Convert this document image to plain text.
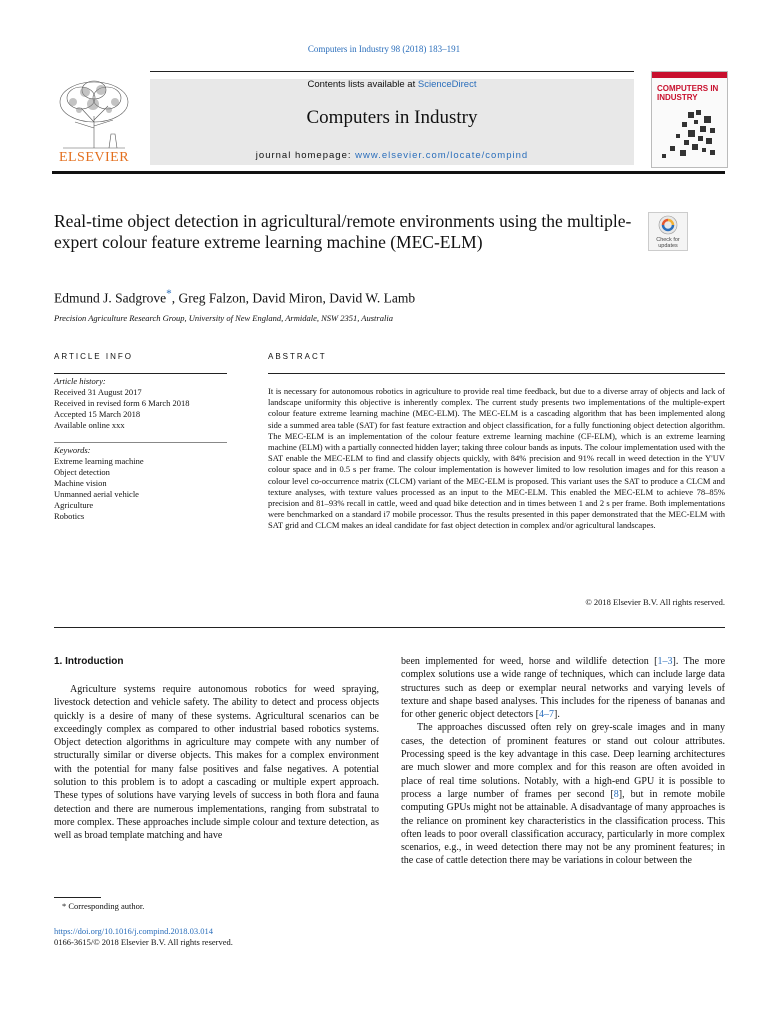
Computers in Industry 98 (2018) 183–191
ELSEVIER
Contents lists available at ScienceDirect
Computers in Industry
journal homepage: www.elsevier.com/locate/compind
COMPUTERS IN
INDUSTRY
Real-time object detection in agricultural/remote environments using the multiple-expert colour feature extreme learning machine (MEC-ELM)	Check for
updates
Edmund J. Sadgrove*, Greg Falzon, David Miron, David W. Lamb
Precision Agriculture Research Group, University of New England, Armidale, NSW 2351, Australia
ARTICLE INFO
Article history:
Received 31 August 2017
Received in revised form 6 March 2018
Accepted 15 March 2018
Available online xxx
Keywords:
Extreme learning machine
Object detection
Machine vision
Unmanned aerial vehicle
Agriculture
Robotics
ABSTRACT
It is necessary for autonomous robotics in agriculture to provide real time feedback, but due to a diverse array of objects and lack of landscape uniformity this objective is inherently complex. The current study presents two implementations of the multiple-expert colour feature extreme learning machine (MEC-ELM). The MEC-ELM is a cascading algorithm that has been implemented along side a summed area table (SAT) for fast feature extraction and object classification, for a fully functioning object detection algorithm. The MEC-ELM is an implementation of the colour feature extreme learning machine (CF-ELM), which is an extreme learning machine (ELM) with a partially connected hidden layer; taking three colour bands as inputs. The colour implementation used with the SAT enable the MEC-ELM to find and classify objects quickly, with 84% precision and 91% recall in weed detection in the Y'UV colour space and in 0.5 s per frame. The colour implementation is however limited to low resolution images and for this reason a colour level co-occurrence matrix (CLCM) variant of the MEC-ELM is proposed. This variant uses the SAT to produce a CLCM and texture analyses, with texture values processed as an input to the MEC-ELM. This enabled the MEC-ELM to achieve 78–85% precision and 81–93% recall in cattle, weed and quad bike detection and in times between 1 and 2 s per frame. Both implementations were benchmarked on a standard i7 mobile processor. Thus the results presented in this paper demonstrated that the MEC-ELM with SAT grid and CLCM makes an ideal candidate for fast object detection in complex and/or agricultural landscapes.
© 2018 Elsevier B.V. All rights reserved.
1. Introduction

Agriculture systems require autonomous robotics for weed spraying, livestock detection and vehicle safety. The ability to detect and process objects quickly is a desire of many of these systems. Agricultural scenarios can be exceedingly complex as compared to other industrial based robotics systems. Object detection algorithms in agriculture may compete with any number of structurally similar or diverse objects. This makes for a complex environment with the potential for many false positives and false negatives. A potential solution to this problem is to adopt a cascading or multiple expert approach. These types of solutions have varying levels of success in both flora and fauna detection and there are numerous implementations, ranging from substratal to more complex. These approaches include simple colour and texture detection, as well as broad template matching and have

been implemented for weed, horse and wildlife detection [1–3]. The more complex solutions use a wide range of techniques, which can include large data structures such as deep or exemplar neural networks and varying levels of texture and shape based analyses. This includes for the ripeness of bananas and for other generic object detectors [4–7].

The approaches discussed often rely on grey-scale images and in many cases, the detection of prominent features or stand out colour attributes. Processing speed is the key advantage in this case. Deep learning architectures are much slower and more complex and for this reason are often avoided in place of real time solutions. Notably, with a high-end GPU it is possible to process a large number of frames per second [8], but in remote mobile computing GPUs might not be attainable. A disadvantage of many approaches is the reliance on prominent key characteristics in the classification process. This often leads to poor overall classification accuracy, particularly in more complex scenarios, e.g., in weed detection there may not be any prominent features; in the case of cattle detection there may be variations in colour between the

* Corresponding author.
https://doi.org/10.1016/j.compind.2018.03.014
0166-3615/© 2018 Elsevier B.V. All rights reserved.
